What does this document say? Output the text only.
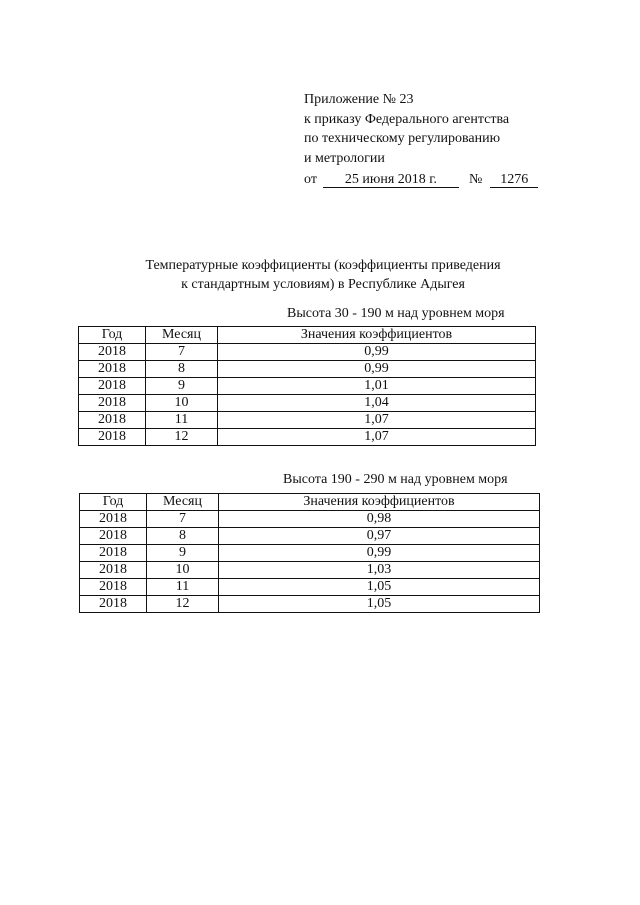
Приложение № 23
к приказу Федерального агентства
по техническому регулированию
и метрологии
от 25 июня 2018 г. № 1276
Температурные коэффициенты (коэффициенты приведения
к стандартным условиям) в Республике Адыгея
Высота 30 - 190 м над уровнем моря
Год	Месяц	Значения коэффициентов
2018	7	0,99
2018	8	0,99
2018	9	1,01
2018	10	1,04
2018	11	1,07
2018	12	1,07
Высота 190 - 290 м над уровнем моря
Год	Месяц	Значения коэффициентов
2018	7	0,98
2018	8	0,97
2018	9	0,99
2018	10	1,03
2018	11	1,05
2018	12	1,05
